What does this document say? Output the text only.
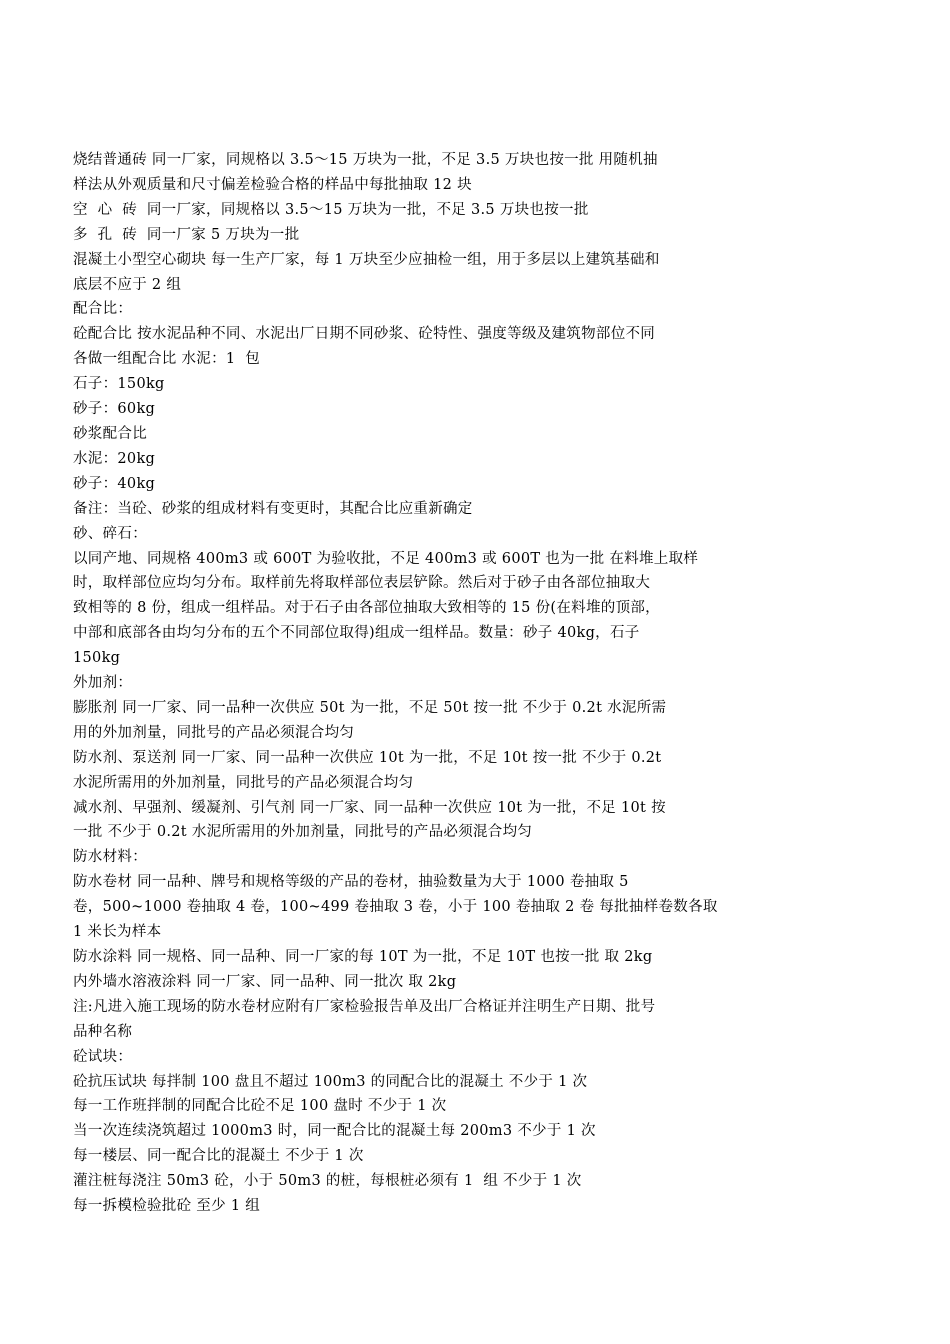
烧结普通砖 同一厂家，同规格以 3.5～15 万块为一批，不足 3.5 万块也按一批 用随机抽
样法从外观质量和尺寸偏差检验合格的样品中每批抽取 12 块
空  心  砖  同一厂家，同规格以 3.5～15 万块为一批，不足 3.5 万块也按一批
多  孔  砖  同一厂家 5 万块为一批
混凝土小型空心砌块 每一生产厂家，每 1 万块至少应抽检一组，用于多层以上建筑基础和
底层不应于 2 组
配合比：
砼配合比 按水泥品种不同、水泥出厂日期不同砂浆、砼特性、强度等级及建筑物部位不同
各做一组配合比 水泥：1  包
石子：150kg
砂子：60kg
砂浆配合比
水泥：20kg
砂子：40kg
备注：当砼、砂浆的组成材料有变更时，其配合比应重新确定
砂、碎石：
以同产地、同规格 400m3 或 600T 为验收批，不足 400m3 或 600T 也为一批 在料堆上取样
时，取样部位应均匀分布。取样前先将取样部位表层铲除。然后对于砂子由各部位抽取大
致相等的 8 份，组成一组样品。对于石子由各部位抽取大致相等的 15 份(在料堆的顶部，
中部和底部各由均匀分布的五个不同部位取得)组成一组样品。数量：砂子 40kg，石子
150kg
外加剂：
膨胀剂 同一厂家、同一品种一次供应 50t 为一批，不足 50t 按一批 不少于 0.2t 水泥所需
用的外加剂量，同批号的产品必须混合均匀
防水剂、泵送剂 同一厂家、同一品种一次供应 10t 为一批，不足 10t 按一批 不少于 0.2t
水泥所需用的外加剂量，同批号的产品必须混合均匀
减水剂、早强剂、缓凝剂、引气剂 同一厂家、同一品种一次供应 10t 为一批，不足 10t 按
一批 不少于 0.2t 水泥所需用的外加剂量，同批号的产品必须混合均匀
防水材料：
防水卷材 同一品种、牌号和规格等级的产品的卷材，抽验数量为大于 1000 卷抽取 5
卷，500~1000 卷抽取 4 卷，100~499 卷抽取 3 卷，小于 100 卷抽取 2 卷 每批抽样卷数各取
1 米长为样本
防水涂料 同一规格、同一品种、同一厂家的每 10T 为一批，不足 10T 也按一批 取 2kg
内外墙水溶液涂料 同一厂家、同一品种、同一批次 取 2kg
注:凡进入施工现场的防水卷材应附有厂家检验报告单及出厂合格证并注明生产日期、批号
品种名称
砼试块：
砼抗压试块 每拌制 100 盘且不超过 100m3 的同配合比的混凝土 不少于 1 次
每一工作班拌制的同配合比砼不足 100 盘时 不少于 1 次
当一次连续浇筑超过 1000m3 时，同一配合比的混凝土每 200m3 不少于 1 次
每一楼层、同一配合比的混凝土 不少于 1 次
灌注桩每浇注 50m3 砼，小于 50m3 的桩，每根桩必须有 1  组 不少于 1 次
每一拆模检验批砼 至少 1 组
